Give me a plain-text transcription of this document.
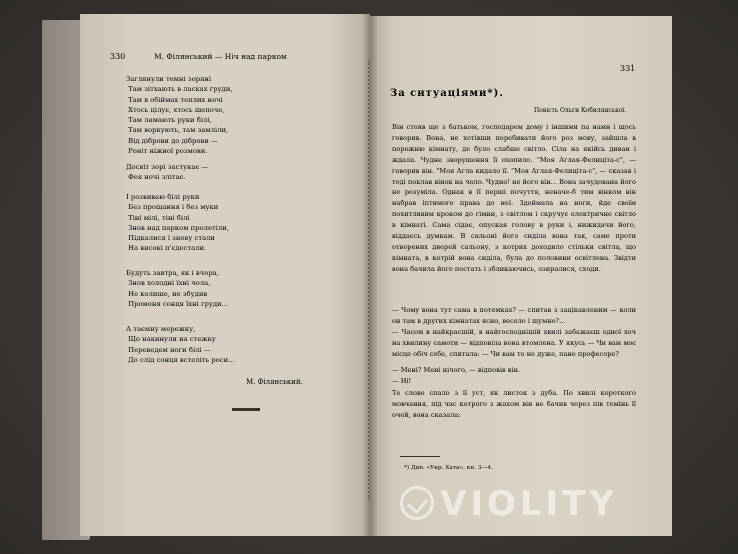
330	М. Філянський — Ніч над парком
Заглянули темні зоряні
Там зітхають в ласках груди,
Там в обіймах теплих ночі
Хтось цілує, хтось шепоче,
Там ламають руки білі,
Там воркують, там замліли,
Від діброви до діброви —
Роніт ніжної розмови.
Досвіт зорі застукає —
Фея ночі злітає.
І розвиваю білі руки
Без прощання і без муки
Тіні мілі, тіні білі
Знов над парком пролетіли,
Підкалися і знову стали
На високі п'єдестали.
Будуть завтра, як і вчора,
Знов холодні їхні чола,
Не колише, не збудив
Променя сонця їхні груди...
А таємну мережку,
Що накинули на стежку
Переведем ноги білі —
До слід сонця встеліть роси...
М. Філянський.
331
За ситуаціями*).
Повість Ольги Кобилянської.
Він стояв ще з батьком, господарем дому і іншими па намн і щось говорив. Вона, не хотівши перебивати його роз мову, зайшла в порожню кімнату, де було слабше світло. Сіла на якійсь диван і ждала. Чудне зворушення її охопило. "Моя Аглая-Фелиціта-с", — говорив він. "Моя Агла кидало її. "Моя Аглая-Фелиціта-с", — сказав і тоді поклав вінок на чоло. Чудно! не його він... Вона зачудована його не розуміла. Однак в її перші почуття, неначе-б тим вінком він набрав іптимого права до неї. Здоймала на ноги, йде своїм похитливим кроком до гімни, з світлом і скручує електричне світло в кімнаті. Сама сідає, опуская голову в руки і, нижидачи його, віддаєсь думкам. В сальоні його сиділа вона так, саме проти отворених дверей сальону, з котрих доходило стільки світла, що кімната, в котрій вона сиділа, була до половини освітлена. Звідти вона бачила його постать і збликаючись, озиралися, сходи.
— Чому вона тут сама в потемках? — спитав з зацікавленим — коли он там в других кімнатах ясно, весело і шумно?...
— Часом в найкрасшій, в найгосподнішій хвилі забажаєш одної хоч на хвилину самоти — відповіла вона втомлена. У якусь — Чи вам моє місце обіч себе, спитала: — Чи вам то не дуже, пане професоре?
— Мені? Мені нічого, — відповів він.
— Ні!
Те слово спало з її уст, як листок з дуба. По хвилі короткого мовчання, під час котрого з жахом він не бачив через пів темінь її очей, вона сказала:
*) Див. «Укр. Хата», кн. 3—4.
VIOLITY
